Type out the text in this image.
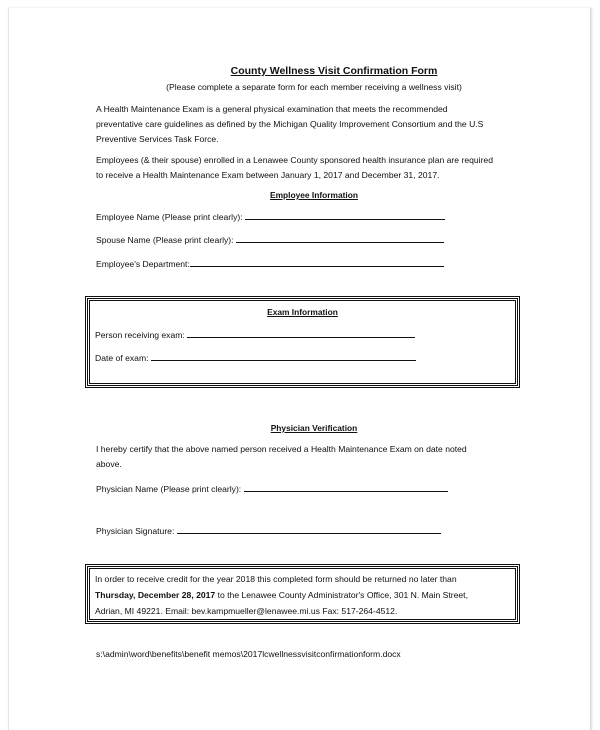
County Wellness Visit Confirmation Form
(Please complete a separate form for each member receiving a wellness visit)
A Health Maintenance Exam is a general physical examination that meets the recommended
preventative care guidelines as defined by the Michigan Quality Improvement Consortium and the U.S
Preventive Services Task Force.
Employees (& their spouse) enrolled in a Lenawee County sponsored health insurance plan are required
to receive a Health Maintenance Exam between January 1, 2017 and December 31, 2017.
Employee Information
Employee Name (Please print clearly):
Spouse Name (Please print clearly):
Employee's Department:
Exam Information
Person receiving exam:
Date of exam:
Physician Verification
I hereby certify that the above named person received a Health Maintenance Exam on date noted
above.
Physician Name (Please print clearly):
Physician Signature:
In order to receive credit for the year 2018 this completed form should be returned no later than
Thursday, December 28, 2017 to the Lenawee County Administrator's Office, 301 N. Main Street,
Adrian, MI 49221. Email: bev.kampmueller@lenawee.mi.us Fax: 517-264-4512.
s:\admin\word\benefits\benefit memos\2017lcwellnessvisitconfirmationform.docx
